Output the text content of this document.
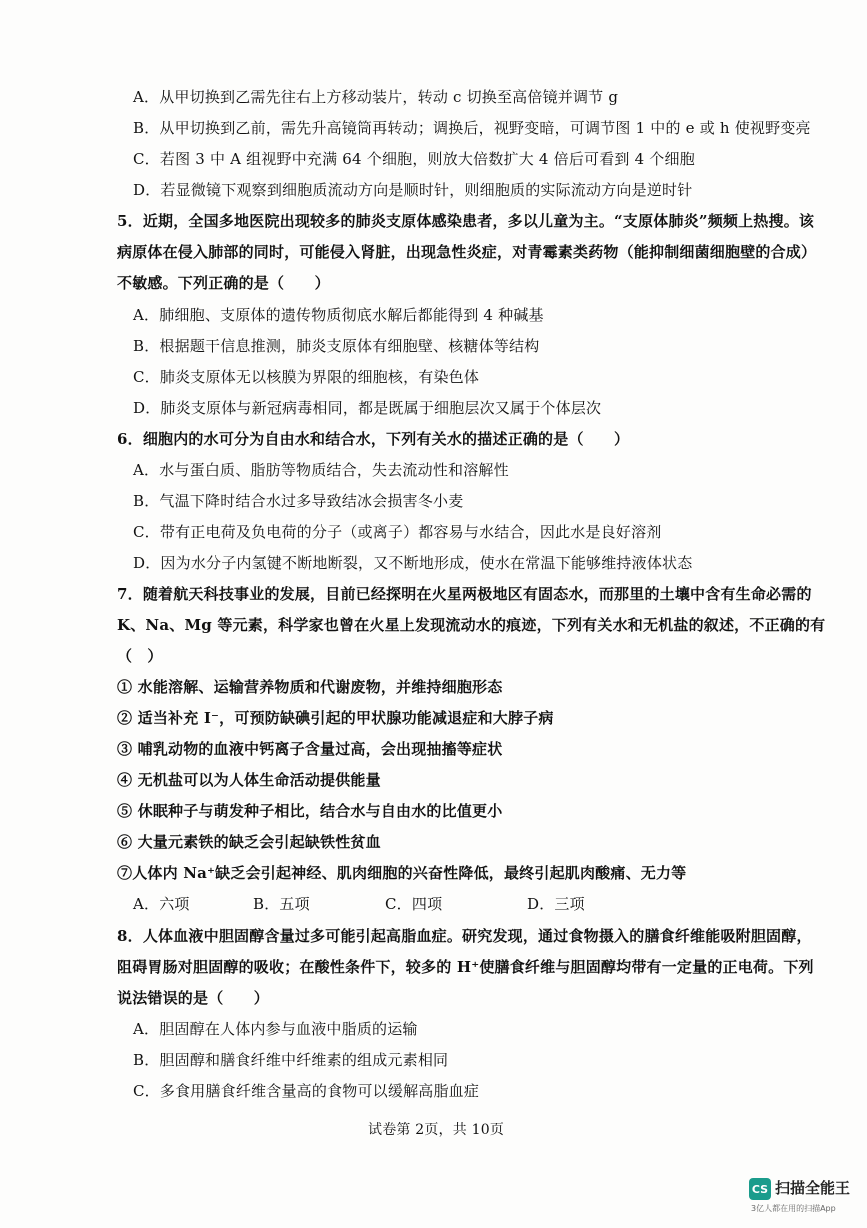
A．从甲切换到乙需先往右上方移动装片，转动 c 切换至高倍镜并调节 g
B．从甲切换到乙前，需先升高镜筒再转动；调换后，视野变暗，可调节图 1 中的 e 或 h 使视野变亮
C．若图 3 中 A 组视野中充满 64 个细胞，则放大倍数扩大 4 倍后可看到 4 个细胞
D．若显微镜下观察到细胞质流动方向是顺时针，则细胞质的实际流动方向是逆时针
5．近期，全国多地医院出现较多的肺炎支原体感染患者，多以儿童为主。“支原体肺炎”频频上热搜。该
病原体在侵入肺部的同时，可能侵入肾脏，出现急性炎症，对青霉素类药物（能抑制细菌细胞壁的合成）
不敏感。下列正确的是（　　）
A．肺细胞、支原体的遗传物质彻底水解后都能得到 4 种碱基
B．根据题干信息推测，肺炎支原体有细胞壁、核糖体等结构
C．肺炎支原体无以核膜为界限的细胞核，有染色体
D．肺炎支原体与新冠病毒相同，都是既属于细胞层次又属于个体层次
6．细胞内的水可分为自由水和结合水，下列有关水的描述正确的是（　　）
A．水与蛋白质、脂肪等物质结合，失去流动性和溶解性
B．气温下降时结合水过多导致结冰会损害冬小麦
C．带有正电荷及负电荷的分子（或离子）都容易与水结合，因此水是良好溶剂
D．因为水分子内氢键不断地断裂，又不断地形成，使水在常温下能够维持液体状态
7．随着航天科技事业的发展，目前已经探明在火星两极地区有固态水，而那里的土壤中含有生命必需的
K、Na、Mg 等元素，科学家也曾在火星上发现流动水的痕迹，下列有关水和无机盐的叙述，不正确的有
（　）
① 水能溶解、运输营养物质和代谢废物，并维持细胞形态
② 适当补充 I⁻，可预防缺碘引起的甲状腺功能减退症和大脖子病
③ 哺乳动物的血液中钙离子含量过高，会出现抽搐等症状
④ 无机盐可以为人体生命活动提供能量
⑤ 休眠种子与萌发种子相比，结合水与自由水的比值更小
⑥ 大量元素铁的缺乏会引起缺铁性贫血
⑦人体内 Na⁺缺乏会引起神经、肌肉细胞的兴奋性降低，最终引起肌肉酸痛、无力等
A．六项	B．五项	C．四项	D．三项
8．人体血液中胆固醇含量过多可能引起高脂血症。研究发现，通过食物摄入的膳食纤维能吸附胆固醇，
阻碍胃肠对胆固醇的吸收；在酸性条件下，较多的 H⁺使膳食纤维与胆固醇均带有一定量的正电荷。下列
说法错误的是（　　）
A．胆固醇在人体内参与血液中脂质的运输
B．胆固醇和膳食纤维中纤维素的组成元素相同
C．多食用膳食纤维含量高的食物可以缓解高脂血症
试卷第 2页，共 10页
CS 扫描全能王
3亿人都在用的扫描App
